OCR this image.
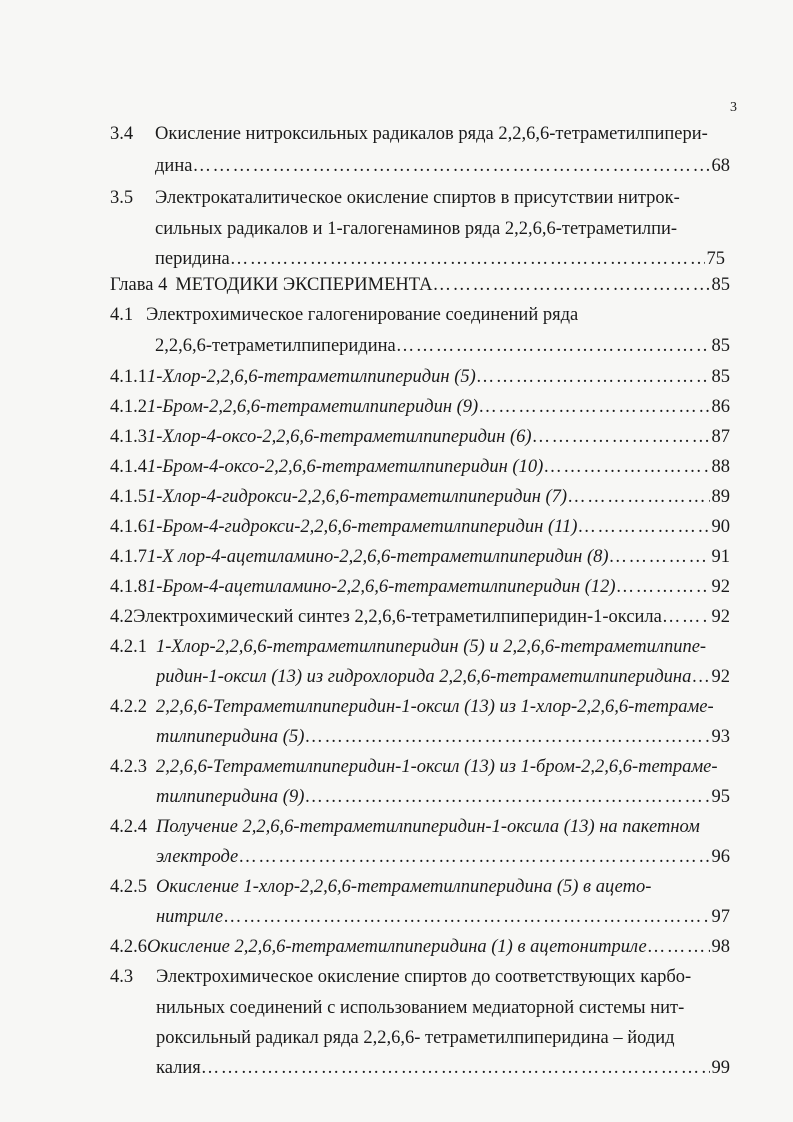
3
3.4 Окисление нитроксильных радикалов ряда 2,2,6,6-тетраметилпипери-
дина …………………………………………………………………………………………………………………………………………………………………………	68
3.5 Электрокаталитическое окисление спиртов в присутствии нитрок-
сильных радикалов и 1-галогенаминов ряда 2,2,6,6-тетраметилпи-
перидина …………………………………………………………………………………………………………………………………………………………………………	75
Глава 4 МЕТОДИКИ ЭКСПЕРИМЕНТА …………………………………………………………………………………………………………………………………………………………………………	85
4.1 Электрохимическое галогенирование соединений ряда
2,2,6,6-тетраметилпиперидина …………………………………………………………………………………………………………………………………………………………………………	85
4.1.1 1-Хлор-2,2,6,6-тетраметилпиперидин (5) …………………………………………………………………………………………………………………………………………………………………………	85
4.1.2 1-Бром-2,2,6,6-тетраметилпиперидин (9) …………………………………………………………………………………………………………………………………………………………………………	86
4.1.3 1-Хлор-4-оксо-2,2,6,6-тетраметилпиперидин (6) …………………………………………………………………………………………………………………………………………………………………………	87
4.1.4 1-Бром-4-оксо-2,2,6,6-тетраметилпиперидин (10) …………………………………………………………………………………………………………………………………………………………………………	88
4.1.5 1-Хлор-4-гидрокси-2,2,6,6-тетраметилпиперидин (7) …………………………………………………………………………………………………………………………………………………………………………	89
4.1.6 1-Бром-4-гидрокси-2,2,6,6-тетраметилпиперидин (11) …………………………………………………………………………………………………………………………………………………………………………	90
4.1.7 1-Х лор-4-ацетиламино-2,2,6,6-тетраметилпиперидин (8) …………………………………………………………………………………………………………………………………………………………………………	91
4.1.8 1-Бром-4-ацетиламино-2,2,6,6-тетраметилпиперидин (12) …………………………………………………………………………………………………………………………………………………………………………	92
4.2 Электрохимический синтез 2,2,6,6-тетраметилпиперидин-1-оксила …………………………………………………………………………………………………………………………………………………………………………	92
4.2.1 1-Хлор-2,2,6,6-тетраметилпиперидин (5) и 2,2,6,6-тетраметилпипе-
ридин-1-оксил (13) из гидрохлорида 2,2,6,6-тетраметилпиперидина ………………………………………………………………………………………………………………………………………………………………………… 92
4.2.2 2,2,6,6-Тетраметилпиперидин-1-оксил (13) из 1-хлор-2,2,6,6-тетраме-
тилпиперидина (5) …………………………………………………………………………………………………………………………………………………………………………	93
4.2.3 2,2,6,6-Тетраметилпиперидин-1-оксил (13) из 1-бром-2,2,6,6-тетраме-
тилпиперидина (9) …………………………………………………………………………………………………………………………………………………………………………	95
4.2.4 Получение 2,2,6,6-тетраметилпиперидин-1-оксила (13) на пакетном
электроде …………………………………………………………………………………………………………………………………………………………………………	96
4.2.5 Окисление 1-хлор-2,2,6,6-тетраметилпиперидина (5) в ацето-
нитриле …………………………………………………………………………………………………………………………………………………………………………	97
4.2.6 Окисление 2,2,6,6-тетраметилпиперидина (1) в ацетонитриле …………………………………………………………………………………………………………………………………………………………………………	98
4.3 Электрохимическое окисление спиртов до соответствующих карбо-
нильных соединений с использованием медиаторной системы нит-
роксильный радикал ряда 2,2,6,6- тетраметилпиперидина – йодид
калия …………………………………………………………………………………………………………………………………………………………………………	99
